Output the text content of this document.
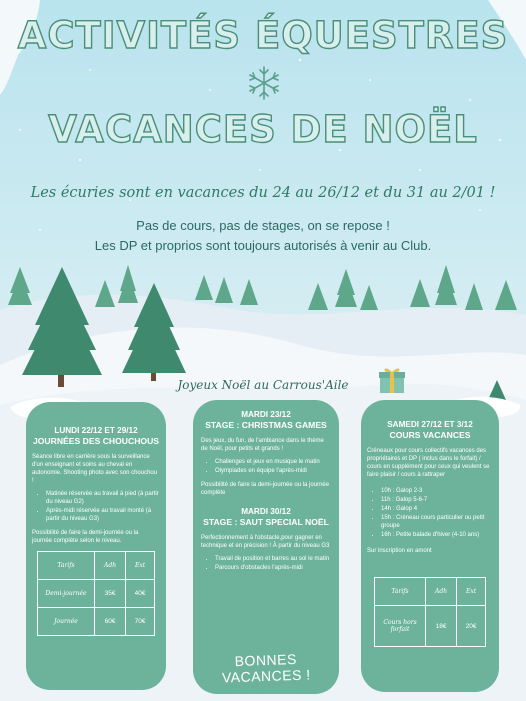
ACTIVITÉS ÉQUESTRES
VACANCES DE NOËL
Les écuries sont en vacances du 24 au 26/12 et du 31 au 2/01 !
Pas de cours, pas de stages, on se repose !
Les DP et proprios sont toujours autorisés à venir au Club.
Joyeux Noël au Carrous'Aile
LUNDI 22/12 ET 29/12
JOURNÉES DES CHOUCHOUS

Séance libre en carrière sous la surveillance d'un enseignant et soins au cheval en autonomie. Shooting photo avec son chouchou !

• Matinée réservée au travail à pied (à partir du niveau G2)
• Après-midi réservée au travail monté (à partir du niveau G3)

Possibilité de faire la demi-journée ou la journée complète selon le niveau.

Tarifs	Adh	Ext
Demi-journée	35€	40€
Journée	60€	70€
MARDI 23/12
STAGE : CHRISTMAS GAMES

Des jeux, du fun, de l'ambiance dans le thème de Noël, pour petits et grands !

• Challenges et jeux en musique le matin
• Olympiades en équipe l'après-midi

Possibilité de faire la demi-journée ou la journée complète

MARDI 30/12
STAGE : SAUT SPECIAL NOËL

Perfectionnement à l'obstacle,pour gagner en technique et en précision ! À partir du niveau G3

• Travail de position et barres au sol le matin
• Parcours d'obstacles l'après-midi
BONNES VACANCES !
SAMEDI 27/12 ET 3/12
COURS VACANCES

Créneaux pour cours collectifs vacances des propriétaires et DP ( inclus dans le forfait) / cours en supplément pour ceux qui veulent se faire plaisir / cours à rattraper

• 10h : Galop 2-3
• 11h : Galop 5-6-7
• 14h : Galop 4
• 15h : Créneau cours particulier ou petit groupe
• 16h : Petite balade d'hiver (4-10 ans)

Sur inscription en amont

Tarifs	Adh	Ext
Cours hors forfait	18€	20€
